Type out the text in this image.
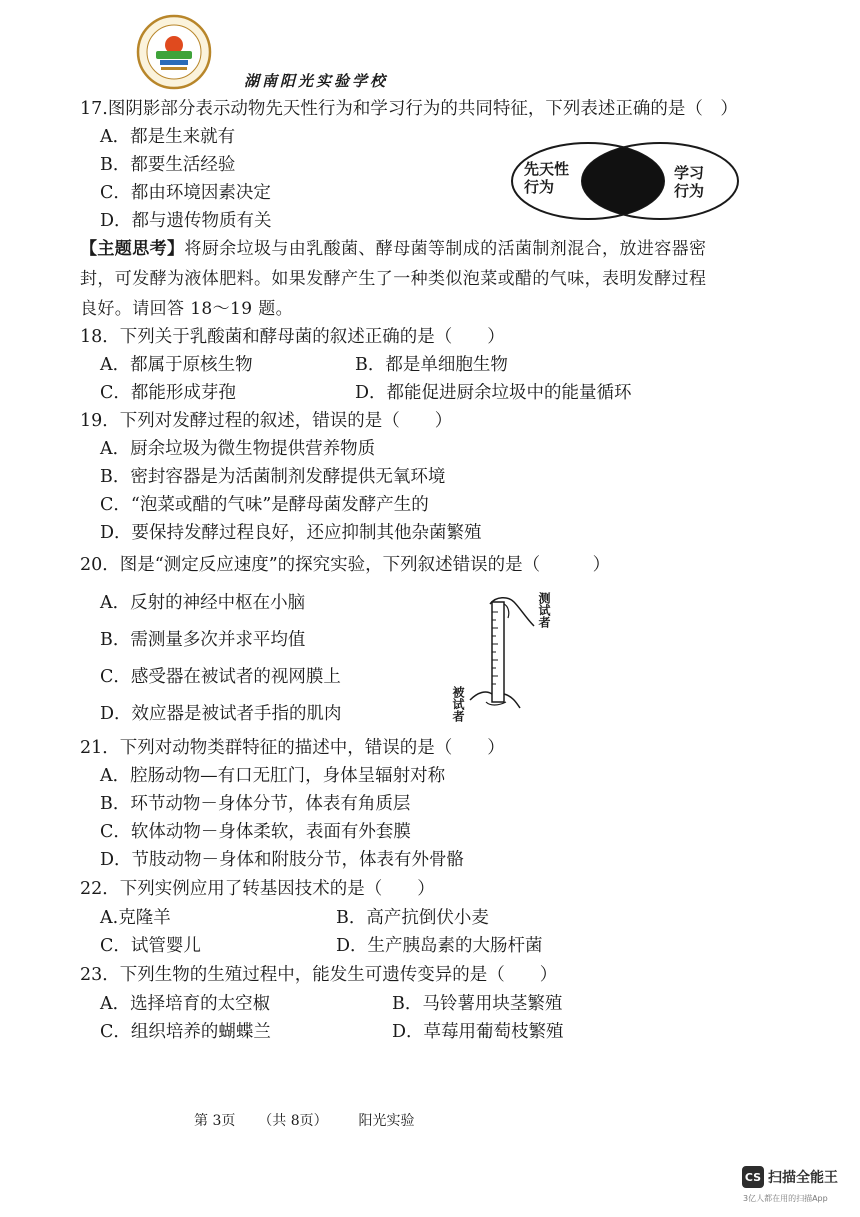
湖南阳光实验学校
17.图阴影部分表示动物先天性行为和学习行为的共同特征，下列表述正确的是（　）
A．都是生来就有
B．都要生活经验
C．都由环境因素决定
D．都与遗传物质有关
先天性
行为
学习
行为
【主题思考】将厨余垃圾与由乳酸菌、酵母菌等制成的活菌制剂混合，放进容器密
封，可发酵为液体肥料。如果发酵产生了一种类似泡菜或醋的气味，表明发酵过程
良好。请回答 18～19 题。
18．下列关于乳酸菌和酵母菌的叙述正确的是（　　）
A．都属于原核生物	B．都是单细胞生物
C．都能形成芽孢	D．都能促进厨余垃圾中的能量循环
19．下列对发酵过程的叙述，错误的是（　　）
A．厨余垃圾为微生物提供营养物质
B．密封容器是为活菌制剂发酵提供无氧环境
C．“泡菜或醋的气味”是酵母菌发酵产生的
D．要保持发酵过程良好，还应抑制其他杂菌繁殖
20．图是“测定反应速度”的探究实验，下列叙述错误的是（　　　）
A．反射的神经中枢在小脑
B．需测量多次并求平均值
C．感受器在被试者的视网膜上
D．效应器是被试者手指的肌肉
测试者
被试者
21．下列对动物类群特征的描述中，错误的是（　　）
A．腔肠动物—有口无肛门，身体呈辐射对称
B．环节动物－身体分节，体表有角质层
C．软体动物－身体柔软，表面有外套膜
D．节肢动物－身体和附肢分节，体表有外骨骼
22．下列实例应用了转基因技术的是（　　）
A.克隆羊	B．高产抗倒伏小麦
C．试管婴儿	D．生产胰岛素的大肠杆菌
23．下列生物的生殖过程中，能发生可遗传变异的是（　　）
A．选择培育的太空椒	B．马铃薯用块茎繁殖
C．组织培养的蝴蝶兰	D．草莓用葡萄枝繁殖
第 3页 （共 8页） 阳光实验
CS 扫描全能王
3亿人都在用的扫描App
